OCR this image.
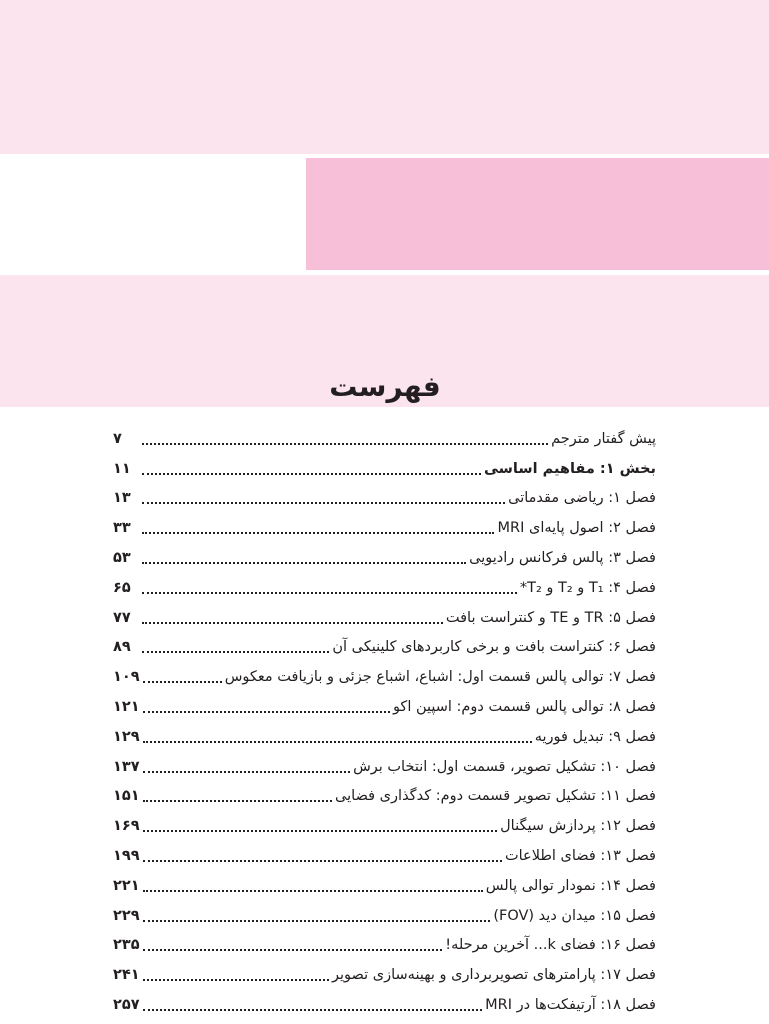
فهرست
پیش گفتار مترجم
۷
بخش ۱: مفاهیم اساسی
۱۱
فصل ۱: ریاضی مقدماتی
۱۳
فصل ۲: اصول پایه‌ای MRI
۳۳
فصل ۳: پالس فرکانس رادیویی
۵۳
فصل ۴: T₁ و T₂ و T₂*
۶۵
فصل ۵: TR و TE و کنتراست بافت
۷۷
فصل ۶: کنتراست بافت و برخی کاربردهای کلینیکی آن
۸۹
فصل ۷: توالی پالس قسمت اول: اشباع، اشباع جزئی و بازیافت معکوس
۱۰۹
فصل ۸: توالی پالس قسمت دوم: اسپین اکو
۱۲۱
فصل ۹: تبدیل فوریه
۱۲۹
فصل ۱۰: تشکیل تصویر، قسمت اول: انتخاب برش
۱۳۷
فصل ۱۱: تشکیل تصویر قسمت دوم: کدگذاری فضایی
۱۵۱
فصل ۱۲: پردازش سیگنال
۱۶۹
فصل ۱۳: فضای اطلاعات
۱۹۹
فصل ۱۴: نمودار توالی پالس
۲۲۱
فصل ۱۵: میدان دید (FOV)
۲۲۹
فصل ۱۶: فضای k... آخرین مرحله!
۲۳۵
فصل ۱۷: پارامترهای تصویربرداری و بهینه‌سازی تصویر
۲۴۱
فصل ۱۸: آرتیفکت‌ها در MRI
۲۵۷
